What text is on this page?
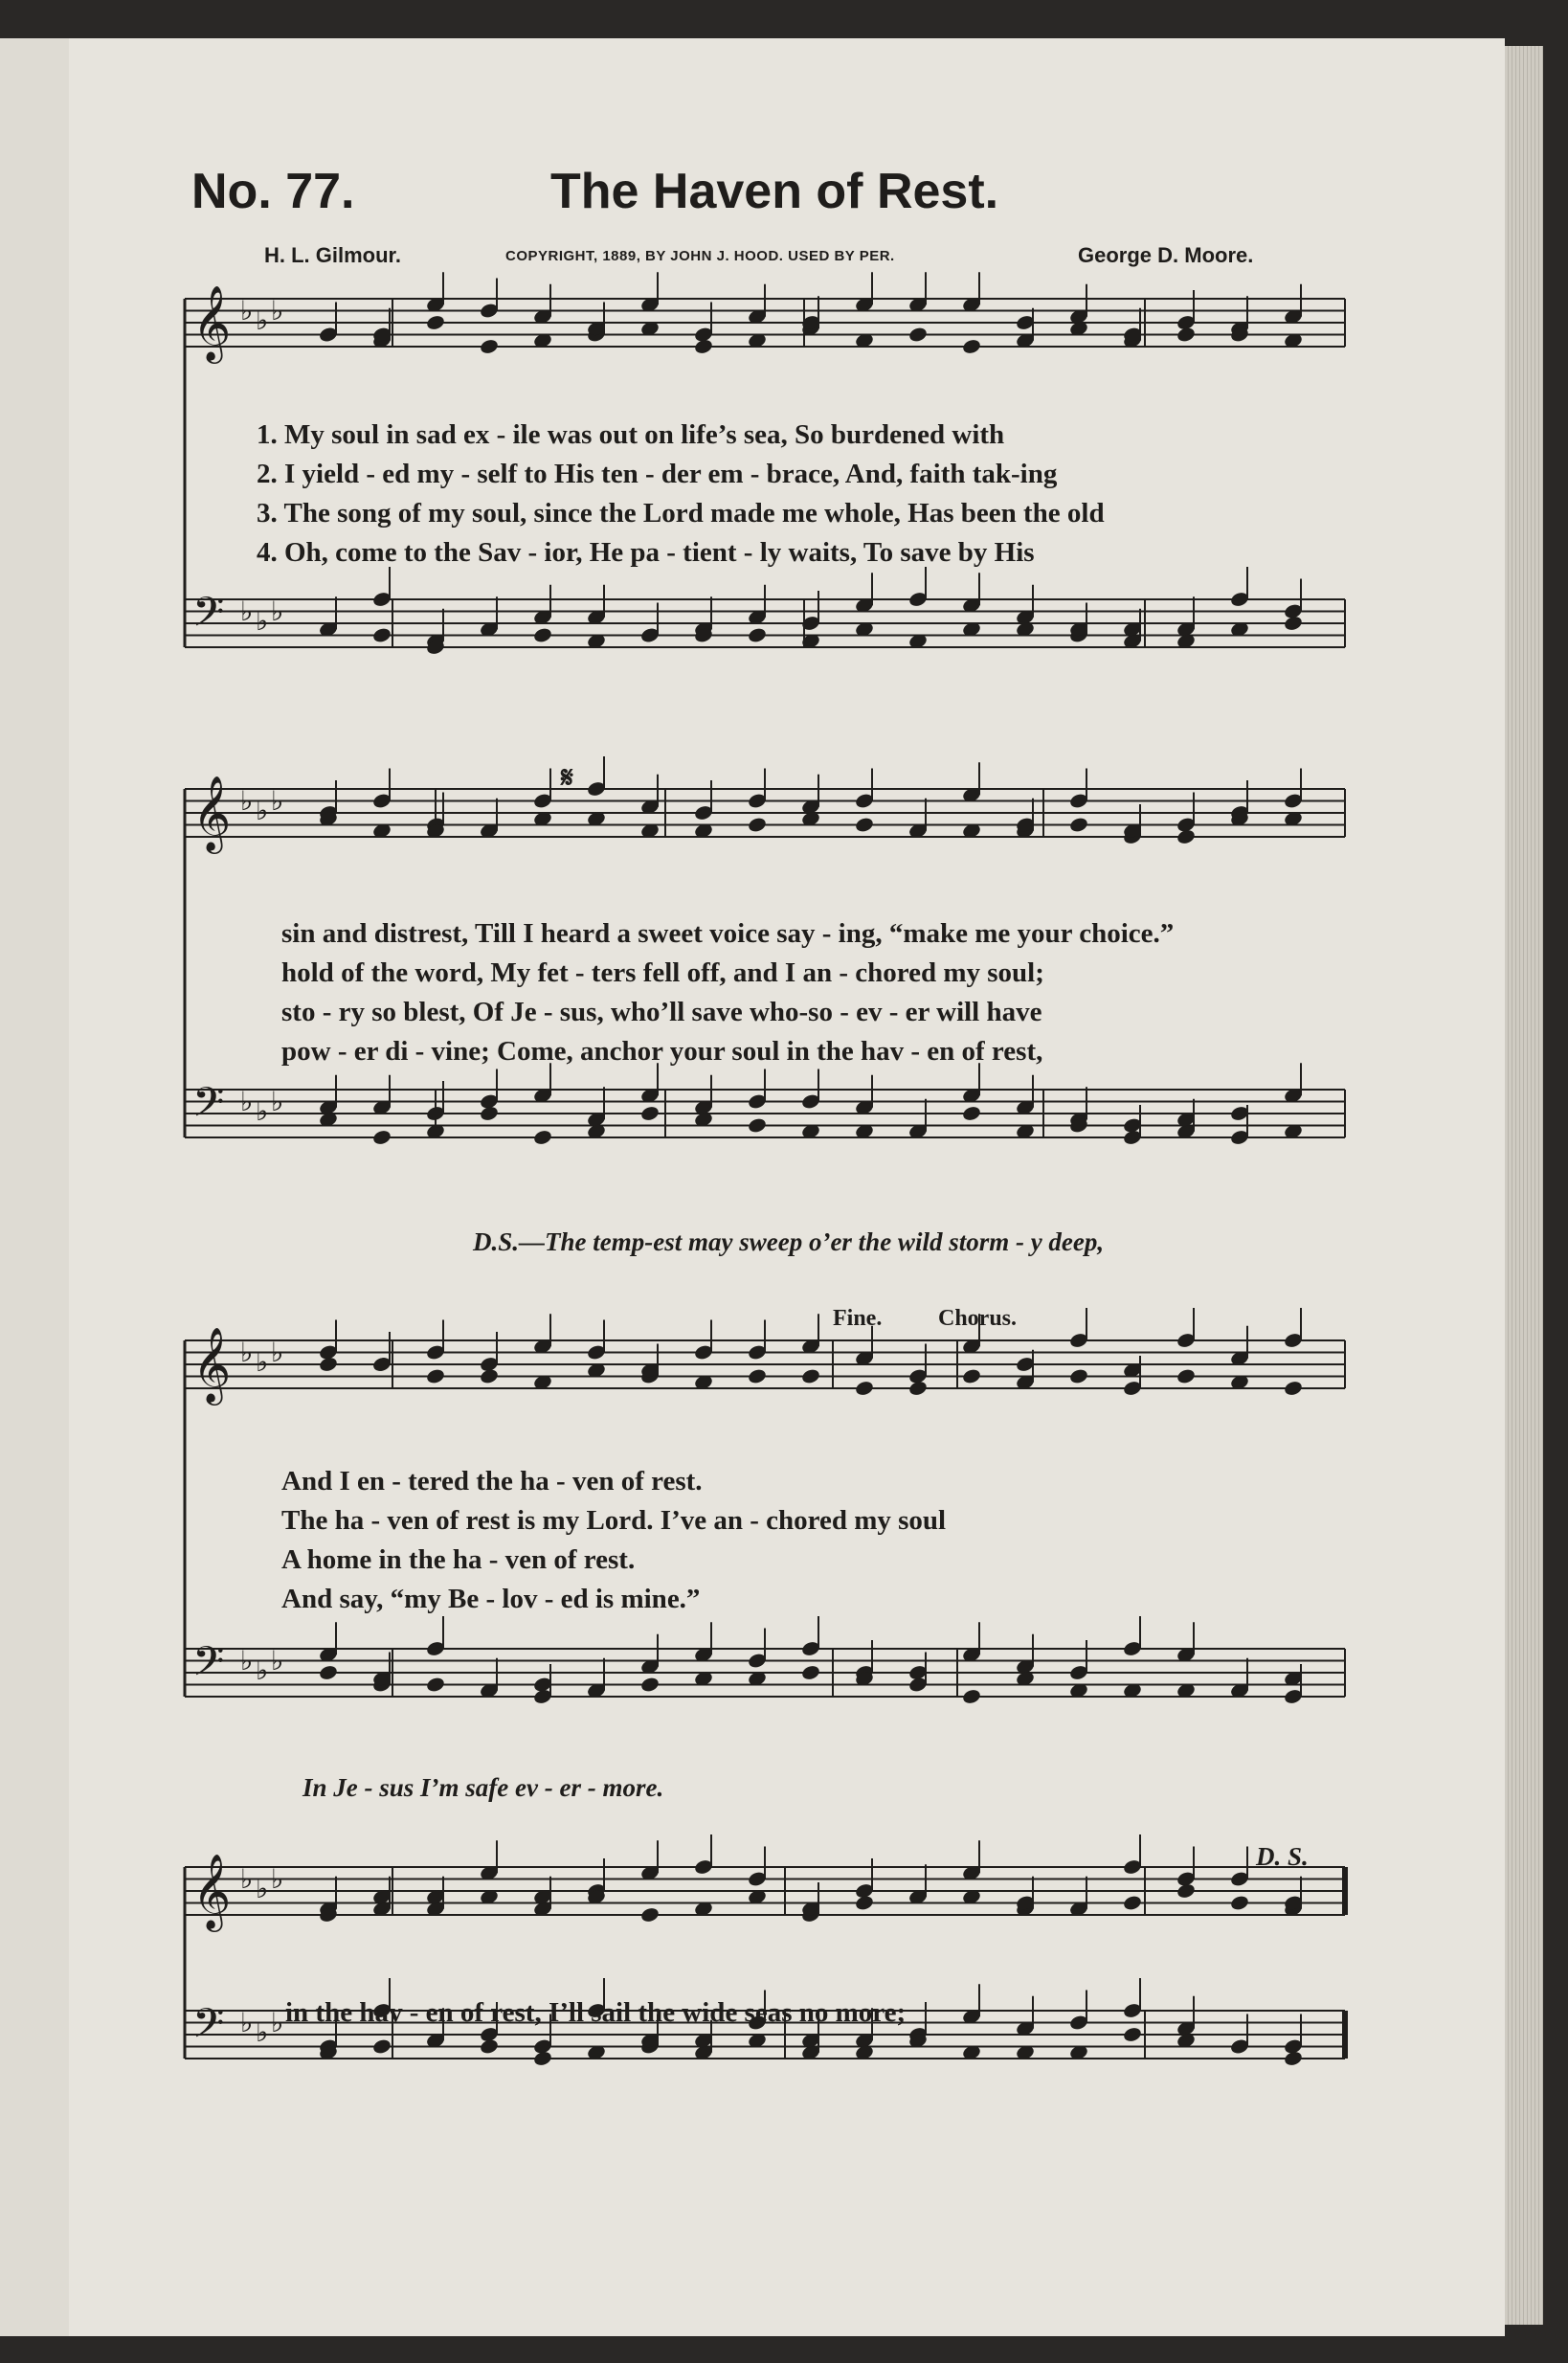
𝄞 ♭ ♭ ♭
𝄢 ♭ ♭ ♭
𝄞 ♭ ♭ ♭
𝄢 ♭ ♭ ♭
𝄞 ♭ ♭ ♭
𝄢 ♭ ♭ ♭
𝄞 ♭ ♭ ♭
𝄢 ♭ ♭ ♭
No. 77.	The Haven of Rest.
H. L. Gilmour.	COPYRIGHT, 1889, BY JOHN J. HOOD. USED BY PER.	George D. Moore.
1. My soul in sad ex - ile was out on life’s sea, So burdened with
2. I yield - ed my - self to His ten - der em - brace, And, faith tak-ing
3. The song of my soul, since the Lord made me whole, Has been the old
4. Oh, come to the Sav - ior, He pa - tient - ly waits, To save by His
𝄋
sin and distrest, Till I heard a sweet voice say - ing, “make me your choice.”
hold of the word, My fet - ters fell off, and I an - chored my soul;
sto - ry so blest, Of Je - sus, who’ll save who-so - ev - er will have
pow - er di - vine; Come, anchor your soul in the hav - en of rest,
D.S.—The temp-est may sweep o’er the wild storm - y deep,
Fine. Chorus.
And I en - tered the ha - ven of rest.
The ha - ven of rest is my Lord. I’ve an - chored my soul
A home in the ha - ven of rest.
And say, “my Be - lov - ed is mine.”
In Je - sus I’m safe ev - er - more.
D. S.
in the hav - en of rest, I’ll sail the wide seas no more;
